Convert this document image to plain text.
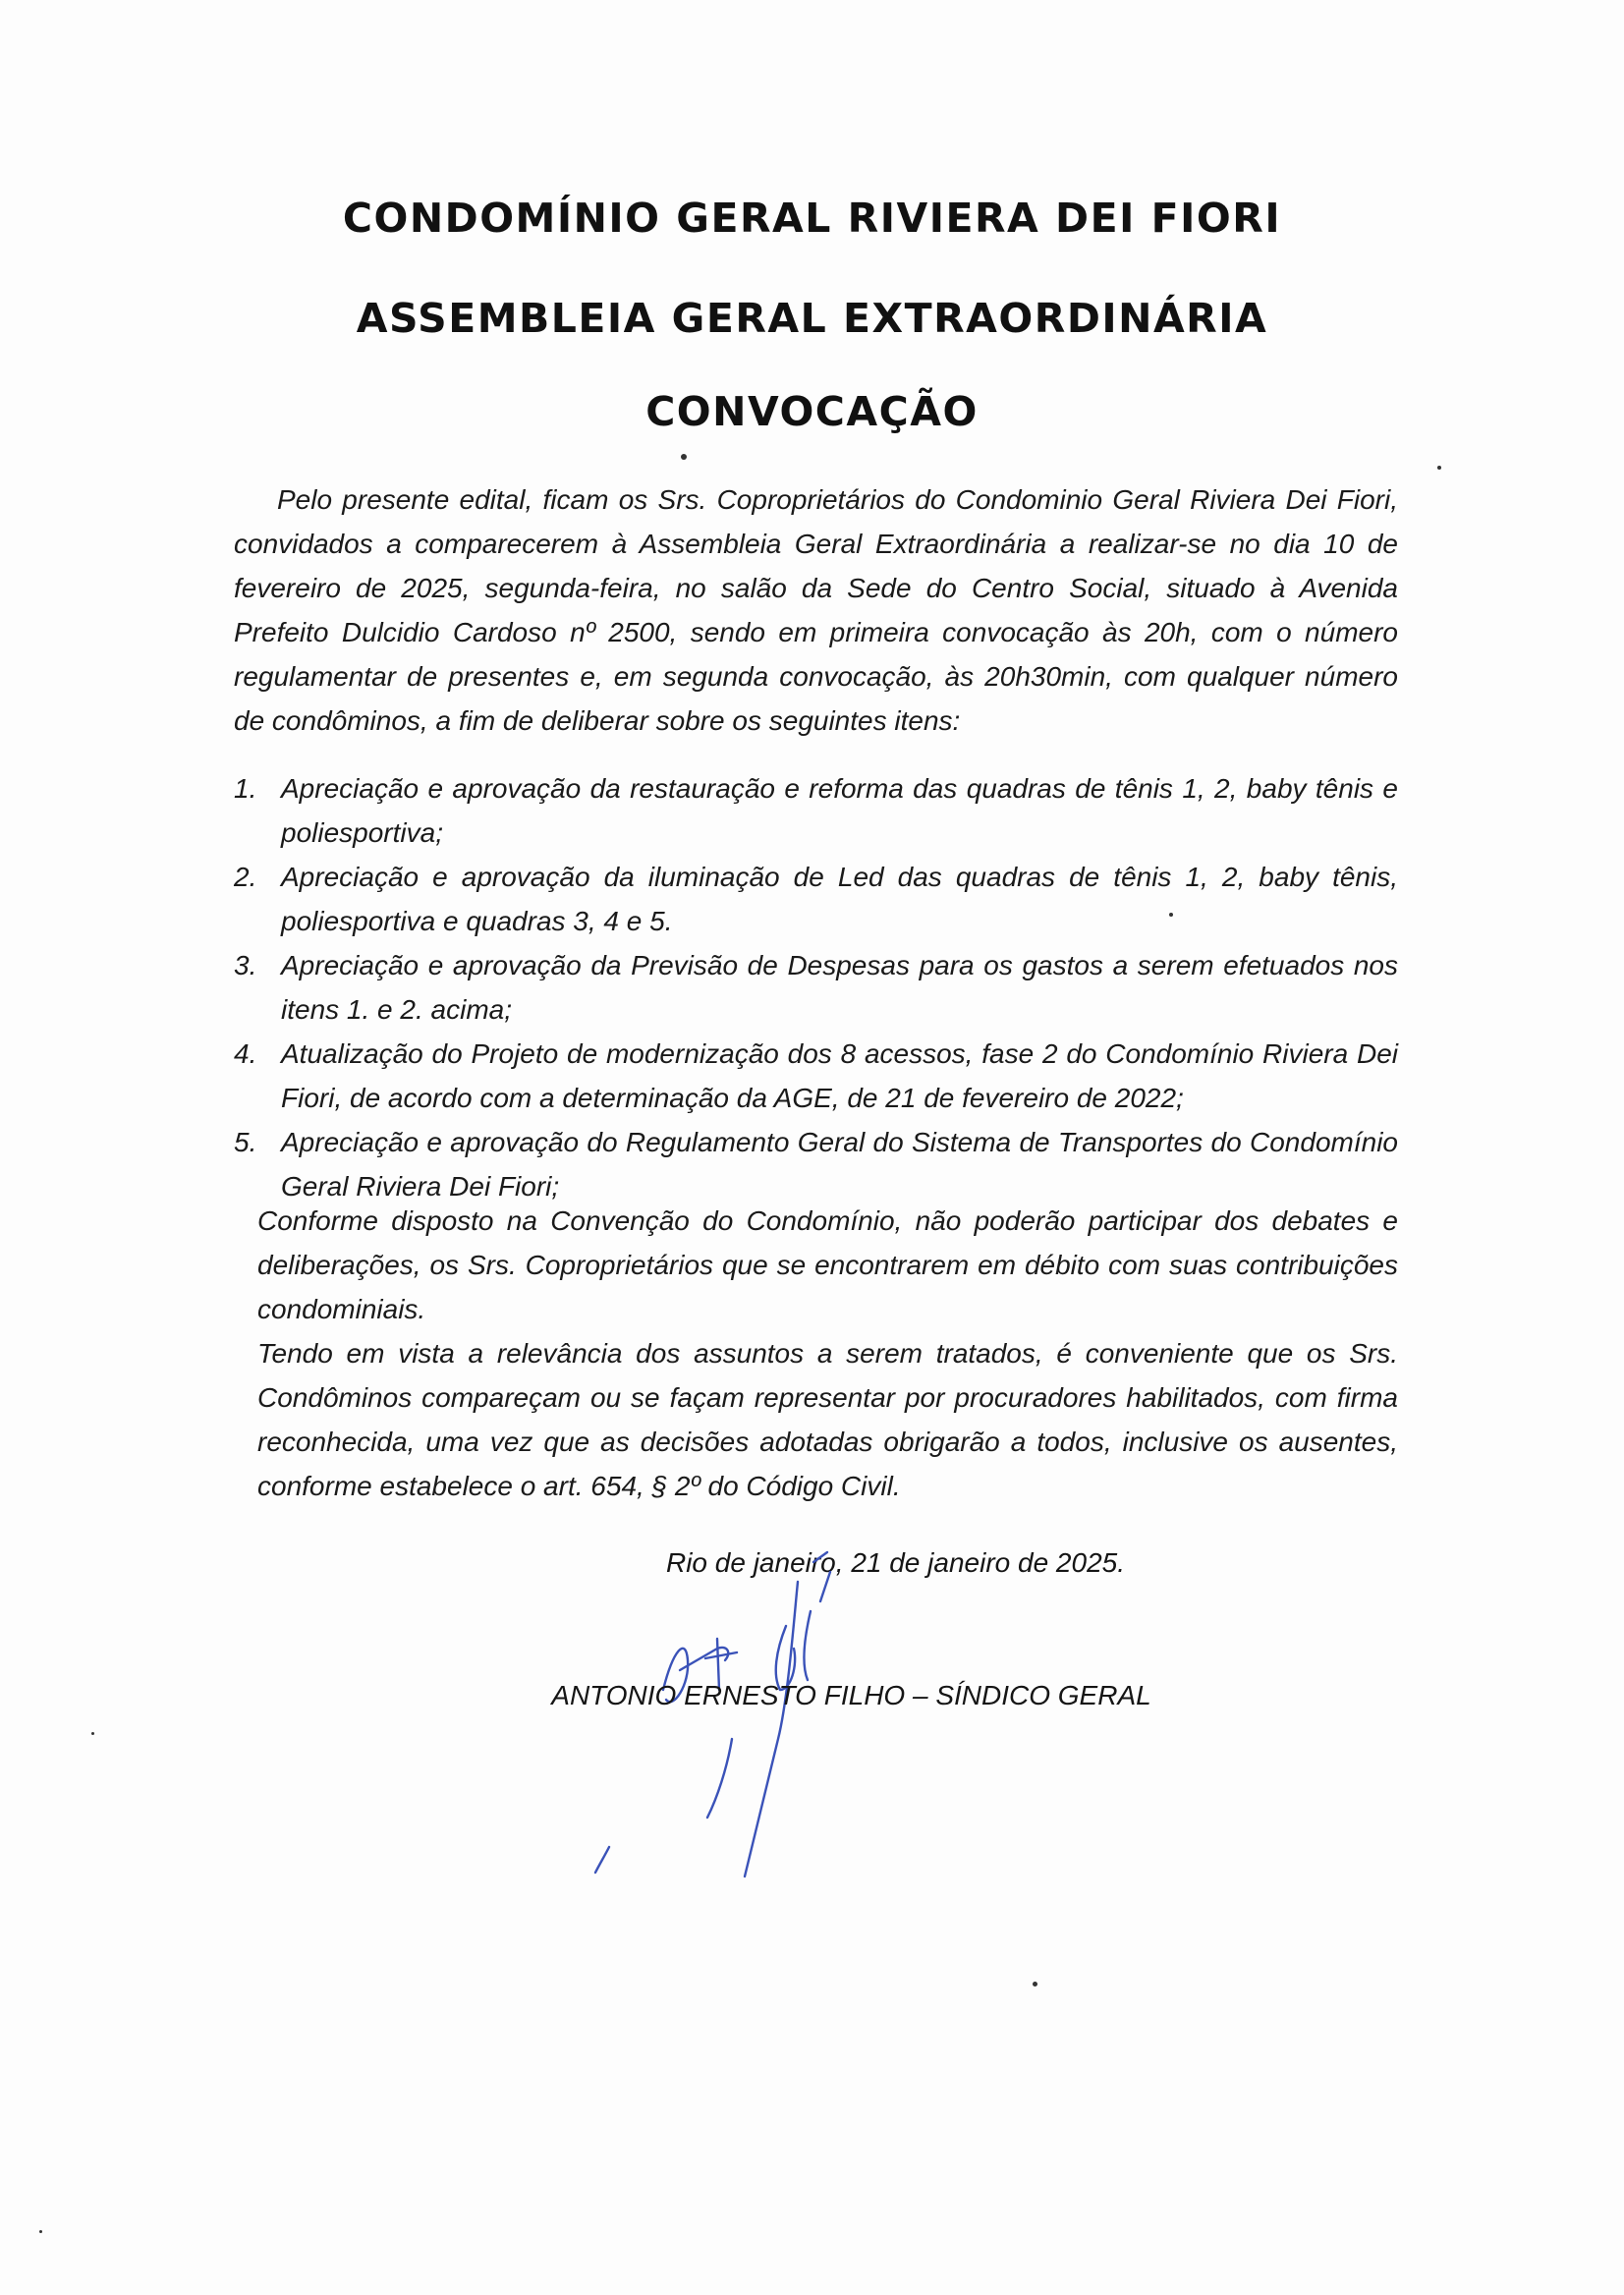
CONDOMÍNIO GERAL RIVIERA DEI FIORI
ASSEMBLEIA GERAL EXTRAORDINÁRIA
CONVOCAÇÃO
Pelo presente edital, ficam os Srs. Coproprietários do Condominio Geral Riviera Dei Fiori, convidados a comparecerem à Assembleia Geral Extraordinária a realizar-se no dia 10 de fevereiro de 2025, segunda-feira, no salão da Sede do Centro Social, situado à Avenida Prefeito Dulcidio Cardoso nº 2500, sendo em primeira convocação às 20h, com o número regulamentar de presentes e, em segunda convocação, às 20h30min, com qualquer número de condôminos, a fim de deliberar sobre os seguintes itens:
1. Apreciação e aprovação da restauração e reforma das quadras de tênis 1, 2, baby tênis e poliesportiva;
2. Apreciação e aprovação da iluminação de Led das quadras de tênis 1, 2, baby tênis, poliesportiva e quadras 3, 4 e 5.
3. Apreciação e aprovação da Previsão de Despesas para os gastos a serem efetuados nos itens 1. e 2. acima;
4. Atualização do Projeto de modernização dos 8 acessos, fase 2 do Condomínio Riviera Dei Fiori, de acordo com a determinação da AGE, de 21 de fevereiro de 2022;
5. Apreciação e aprovação do Regulamento Geral do Sistema de Transportes do Condomínio Geral Riviera Dei Fiori;
Conforme disposto na Convenção do Condomínio, não poderão participar dos debates e deliberações, os Srs. Coproprietários que se encontrarem em débito com suas contribuições condominiais.
Tendo em vista a relevância dos assuntos a serem tratados, é conveniente que os Srs. Condôminos compareçam ou se façam representar por procuradores habilitados, com firma reconhecida, uma vez que as decisões adotadas obrigarão a todos, inclusive os ausentes, conforme estabelece o art. 654, § 2º do Código Civil.
Rio de janeiro, 21 de janeiro de 2025.
ANTONIO ERNESTO FILHO – SÍNDICO GERAL
